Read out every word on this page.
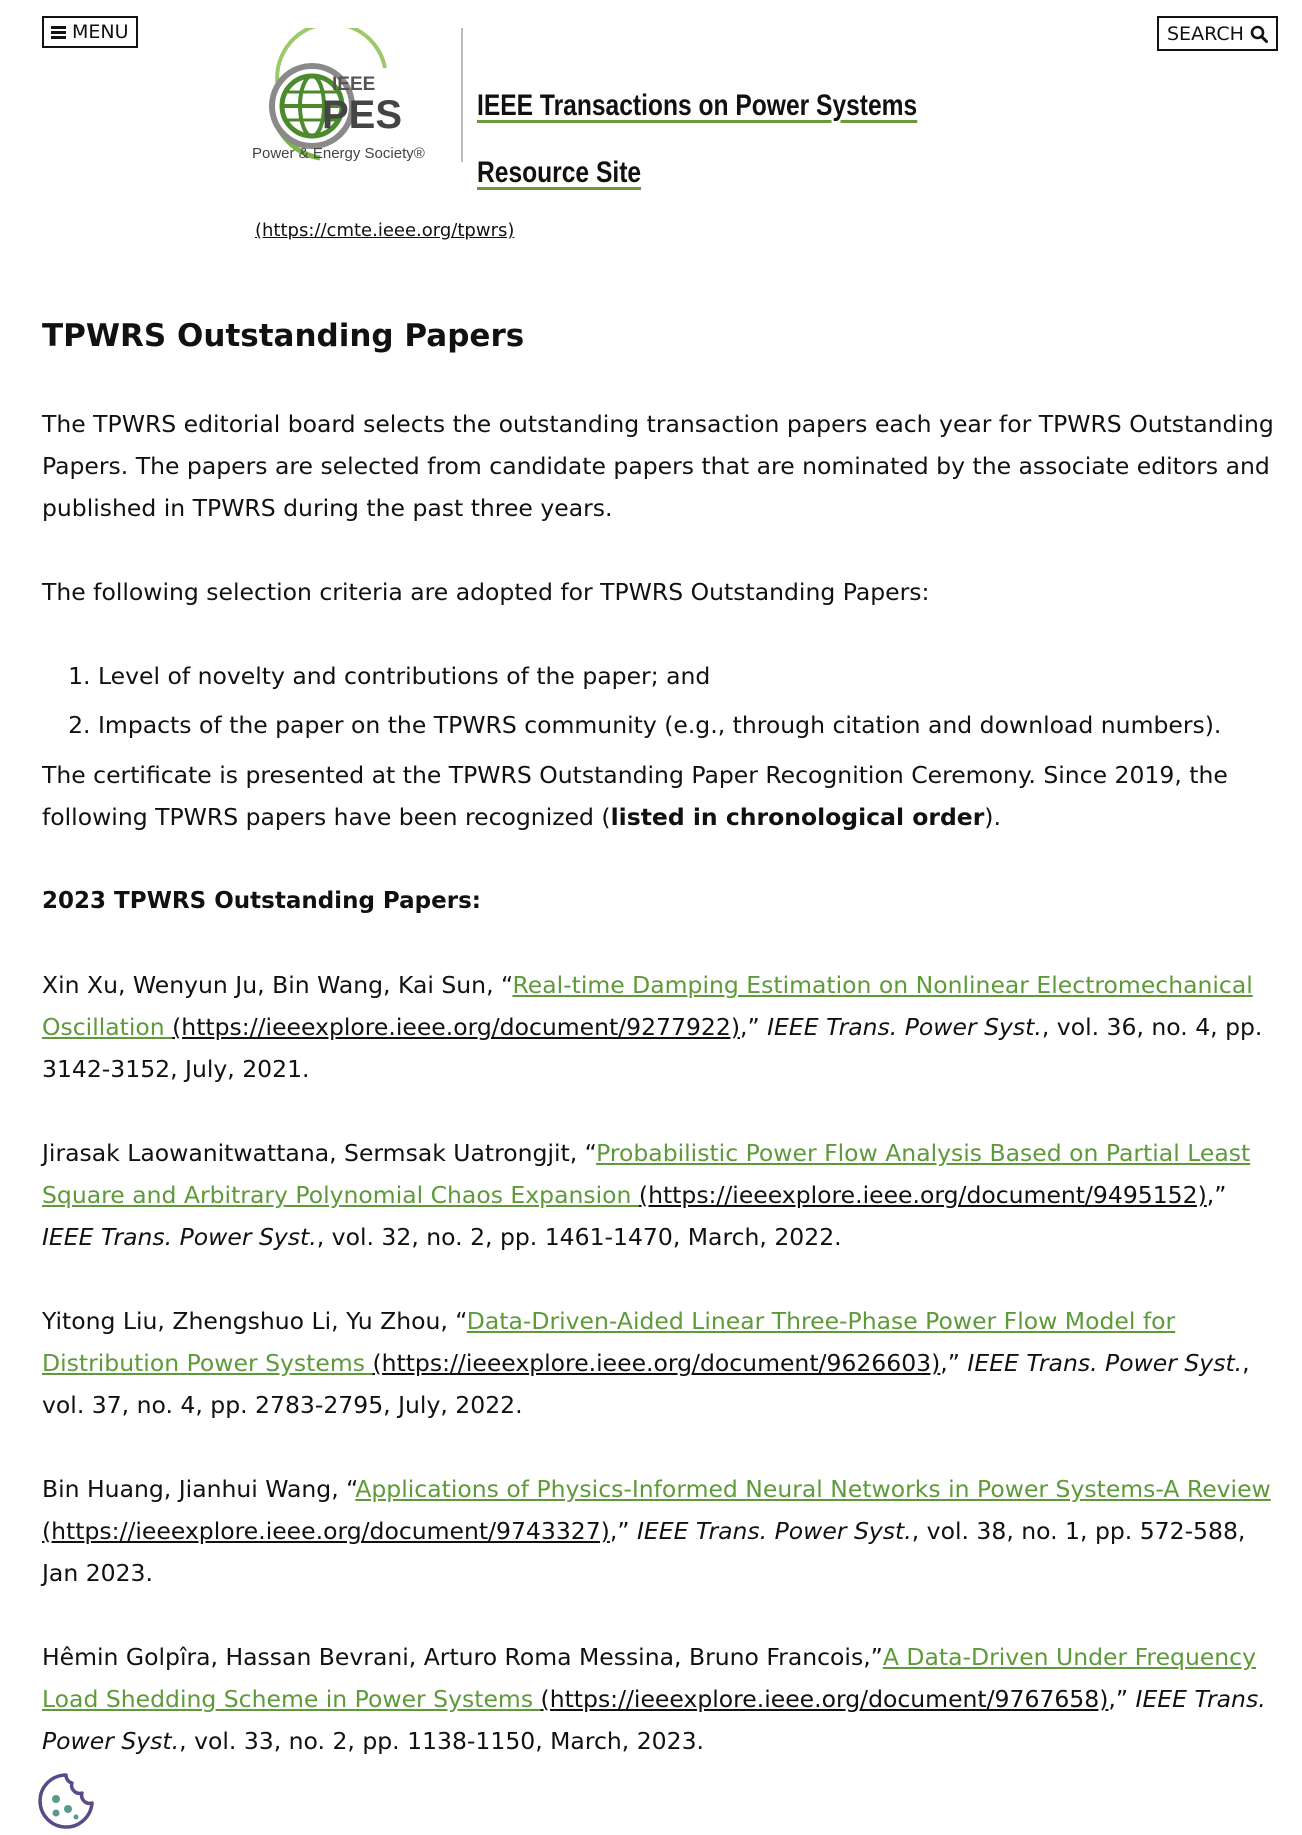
MENU
IEEE
PES
Power & Energy Society®
IEEE Transactions on Power Systems Resource Site
(https://cmte.ieee.org/tpwrs)
SEARCH
TPWRS Outstanding Papers

The TPWRS editorial board selects the outstanding transaction papers each year for TPWRS Outstanding Papers. The papers are selected from candidate papers that are nominated by the associate editors and published in TPWRS during the past three years.

The following selection criteria are adopted for TPWRS Outstanding Papers:

1. Level of novelty and contributions of the paper; and
2. Impacts of the paper on the TPWRS community (e.g., through citation and download numbers).

The certificate is presented at the TPWRS Outstanding Paper Recognition Ceremony. Since 2019, the following TPWRS papers have been recognized (listed in chronological order).

2023 TPWRS Outstanding Papers:

Xin Xu, Wenyun Ju, Bin Wang, Kai Sun, “Real-time Damping Estimation on Nonlinear Electromechanical Oscillation (https://ieeexplore.ieee.org/document/9277922),” IEEE Trans. Power Syst., vol. 36, no. 4, pp. 3142-3152, July, 2021.

Jirasak Laowanitwattana, Sermsak Uatrongjit, “Probabilistic Power Flow Analysis Based on Partial Least Square and Arbitrary Polynomial Chaos Expansion (https://ieeexplore.ieee.org/document/9495152),” IEEE Trans. Power Syst., vol. 32, no. 2, pp. 1461-1470, March, 2022.

Yitong Liu, Zhengshuo Li, Yu Zhou, “Data-Driven-Aided Linear Three-Phase Power Flow Model for Distribution Power Systems (https://ieeexplore.ieee.org/document/9626603),” IEEE Trans. Power Syst., vol. 37, no. 4, pp. 2783-2795, July, 2022.

Bin Huang, Jianhui Wang, “Applications of Physics-Informed Neural Networks in Power Systems-A Review (https://ieeexplore.ieee.org/document/9743327),” IEEE Trans. Power Syst., vol. 38, no. 1, pp. 572-588, Jan 2023.

Hêmin Golpîra, Hassan Bevrani, Arturo Roma Messina, Bruno Francois,”A Data-Driven Under Frequency Load Shedding Scheme in Power Systems (https://ieeexplore.ieee.org/document/9767658),” IEEE Trans. Power Syst., vol. 33, no. 2, pp. 1138-1150, March, 2023.
